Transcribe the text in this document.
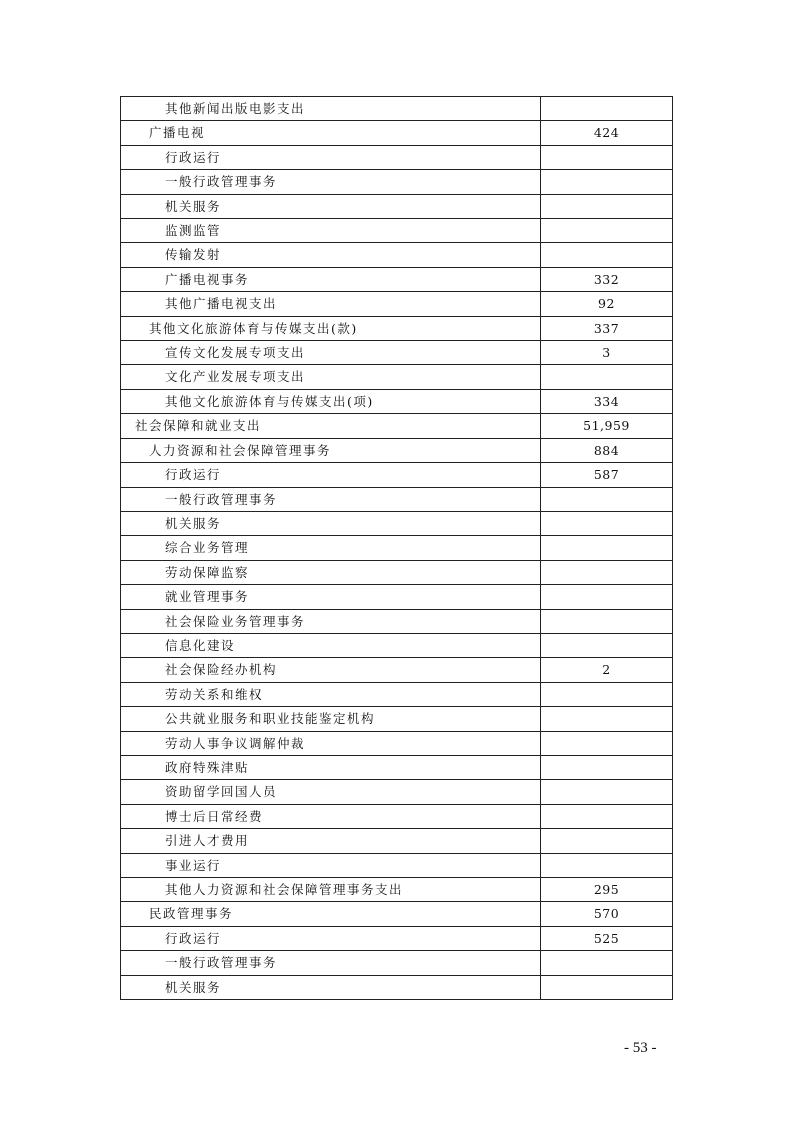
其他新闻出版电影支出	
广播电视	424
行政运行	
一般行政管理事务	
机关服务	
监测监管	
传输发射	
广播电视事务	332
其他广播电视支出	92
其他文化旅游体育与传媒支出(款)	337
宣传文化发展专项支出	3
文化产业发展专项支出	
其他文化旅游体育与传媒支出(项)	334
社会保障和就业支出	51,959
人力资源和社会保障管理事务	884
行政运行	587
一般行政管理事务	
机关服务	
综合业务管理	
劳动保障监察	
就业管理事务	
社会保险业务管理事务	
信息化建设	
社会保险经办机构	2
劳动关系和维权	
公共就业服务和职业技能鉴定机构	
劳动人事争议调解仲裁	
政府特殊津贴	
资助留学回国人员	
博士后日常经费	
引进人才费用	
事业运行	
其他人力资源和社会保障管理事务支出	295
民政管理事务	570
行政运行	525
一般行政管理事务	
机关服务	
- 53 -
